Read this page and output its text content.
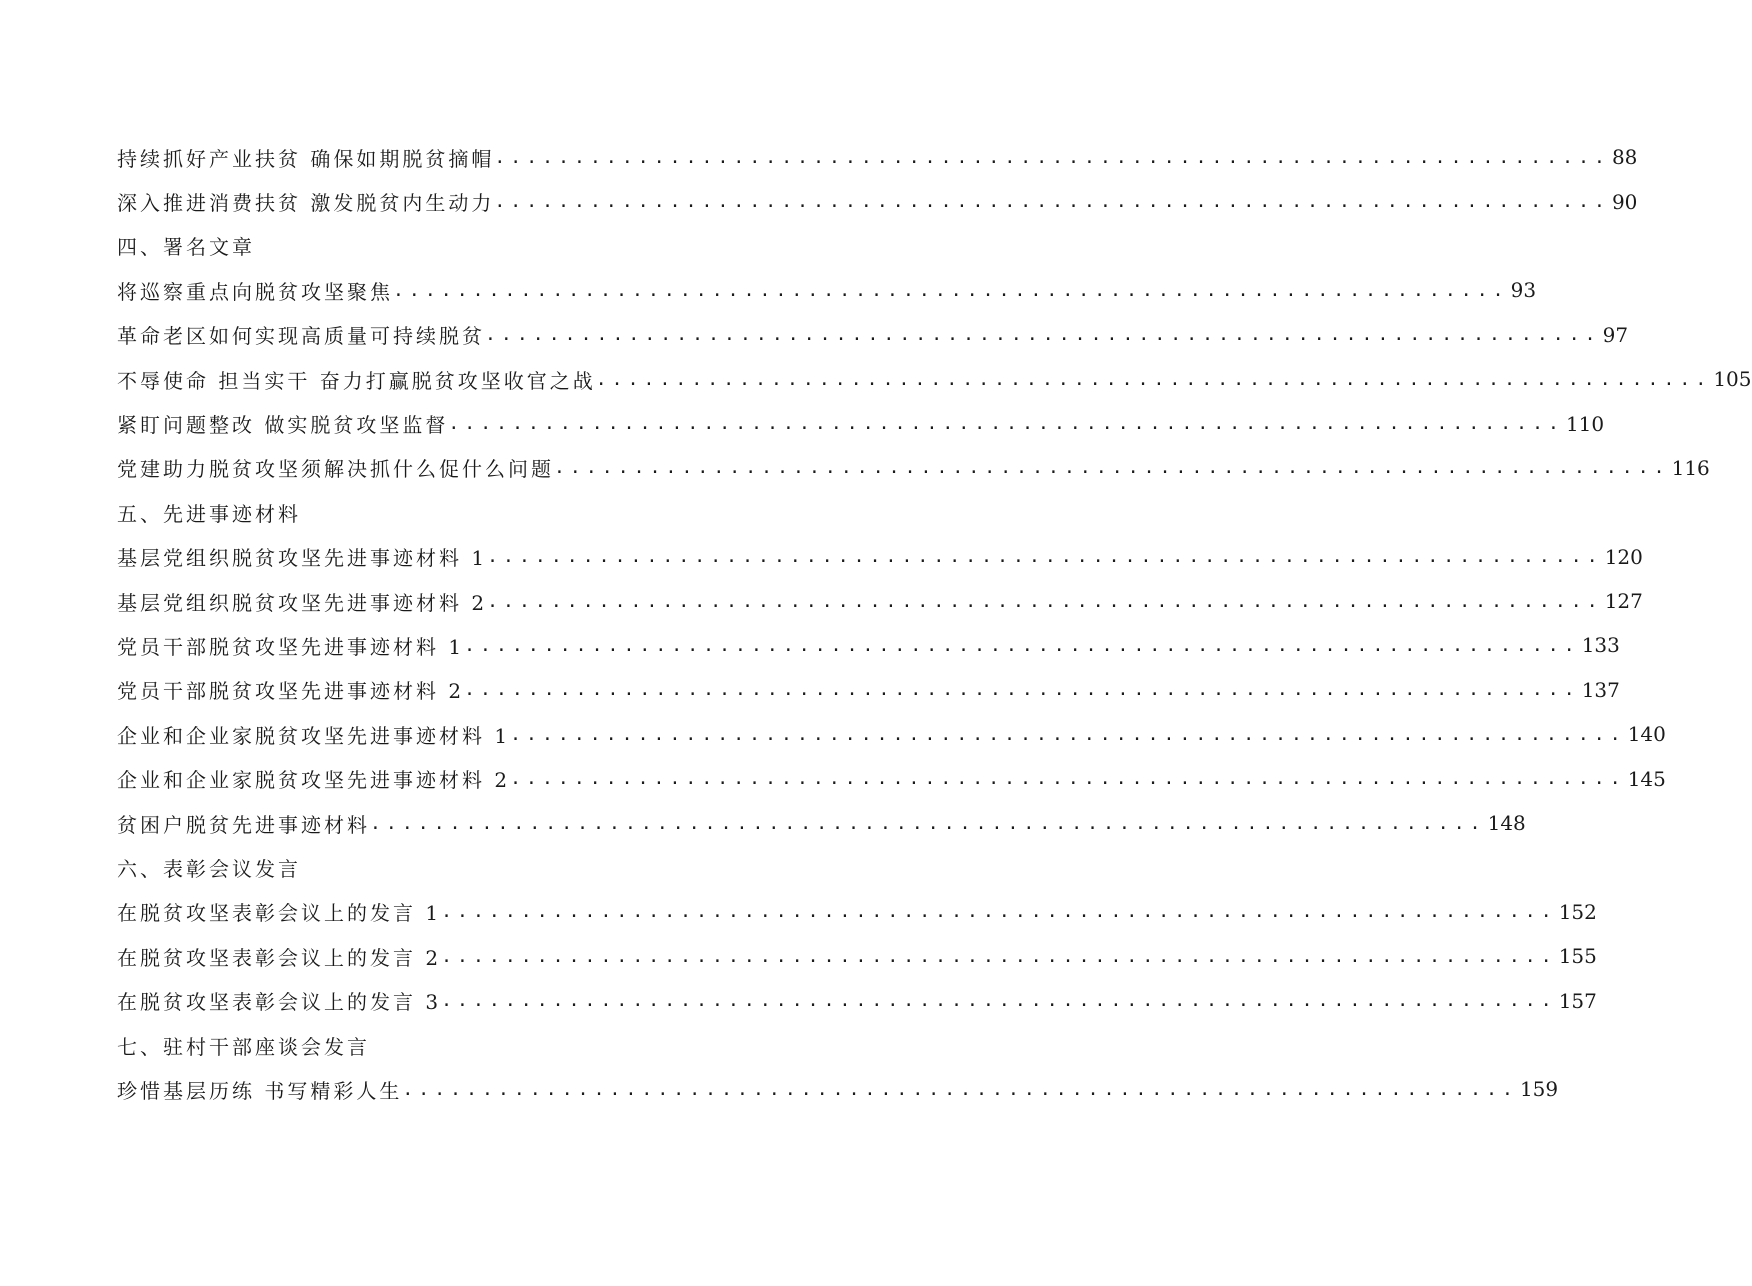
持续抓好产业扶贫 确保如期脱贫摘帽 ...................................................................... 88
深入推进消费扶贫 激发脱贫内生动力 ...................................................................... 90
四、署名文章
将巡察重点向脱贫攻坚聚焦 ...................................................................... 93
革命老区如何实现高质量可持续脱贫 ...................................................................... 97
不辱使命 担当实干 奋力打赢脱贫攻坚收官之战 ...................................................................... 105
紧盯问题整改 做实脱贫攻坚监督 ...................................................................... 110
党建助力脱贫攻坚须解决抓什么促什么问题 ...................................................................... 116
五、先进事迹材料
基层党组织脱贫攻坚先进事迹材料 1 ...................................................................... 120
基层党组织脱贫攻坚先进事迹材料 2 ...................................................................... 127
党员干部脱贫攻坚先进事迹材料 1 ...................................................................... 133
党员干部脱贫攻坚先进事迹材料 2 ...................................................................... 137
企业和企业家脱贫攻坚先进事迹材料 1 ...................................................................... 140
企业和企业家脱贫攻坚先进事迹材料 2 ...................................................................... 145
贫困户脱贫先进事迹材料 ...................................................................... 148
六、表彰会议发言
在脱贫攻坚表彰会议上的发言 1 ...................................................................... 152
在脱贫攻坚表彰会议上的发言 2 ...................................................................... 155
在脱贫攻坚表彰会议上的发言 3 ...................................................................... 157
七、驻村干部座谈会发言
珍惜基层历练 书写精彩人生 ...................................................................... 159
